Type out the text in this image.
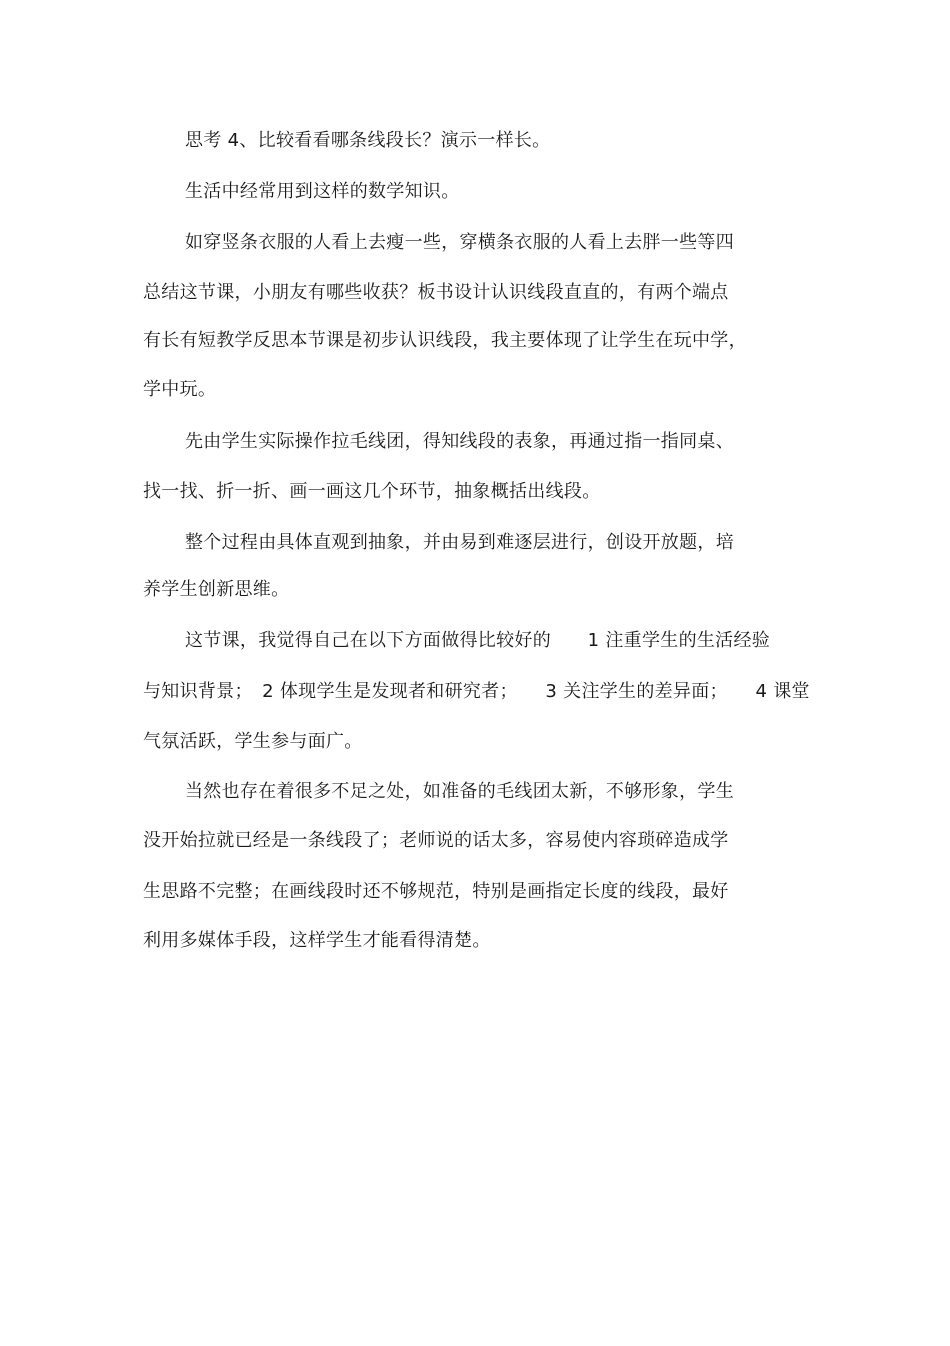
思考 4、比较看看哪条线段长？演示一样长。
生活中经常用到这样的数学知识。
如穿竖条衣服的人看上去瘦一些，穿横条衣服的人看上去胖一些等四
总结这节课，小朋友有哪些收获？板书设计认识线段直直的，有两个端点
有长有短教学反思本节课是初步认识线段，我主要体现了让学生在玩中学，
学中玩。
先由学生实际操作拉毛线团，得知线段的表象，再通过指一指同桌、
找一找、折一折、画一画这几个环节，抽象概括出线段。
整个过程由具体直观到抽象，并由易到难逐层进行，创设开放题，培
养学生创新思维。
这节课，我觉得自己在以下方面做得比较好的　　1 注重学生的生活经验
与知识背景；　2 体现学生是发现者和研究者；　　3 关注学生的差异面；　　4 课堂
气氛活跃，学生参与面广。
当然也存在着很多不足之处，如准备的毛线团太新，不够形象，学生
没开始拉就已经是一条线段了；老师说的话太多，容易使内容琐碎造成学
生思路不完整；在画线段时还不够规范，特别是画指定长度的线段，最好
利用多媒体手段，这样学生才能看得清楚。
